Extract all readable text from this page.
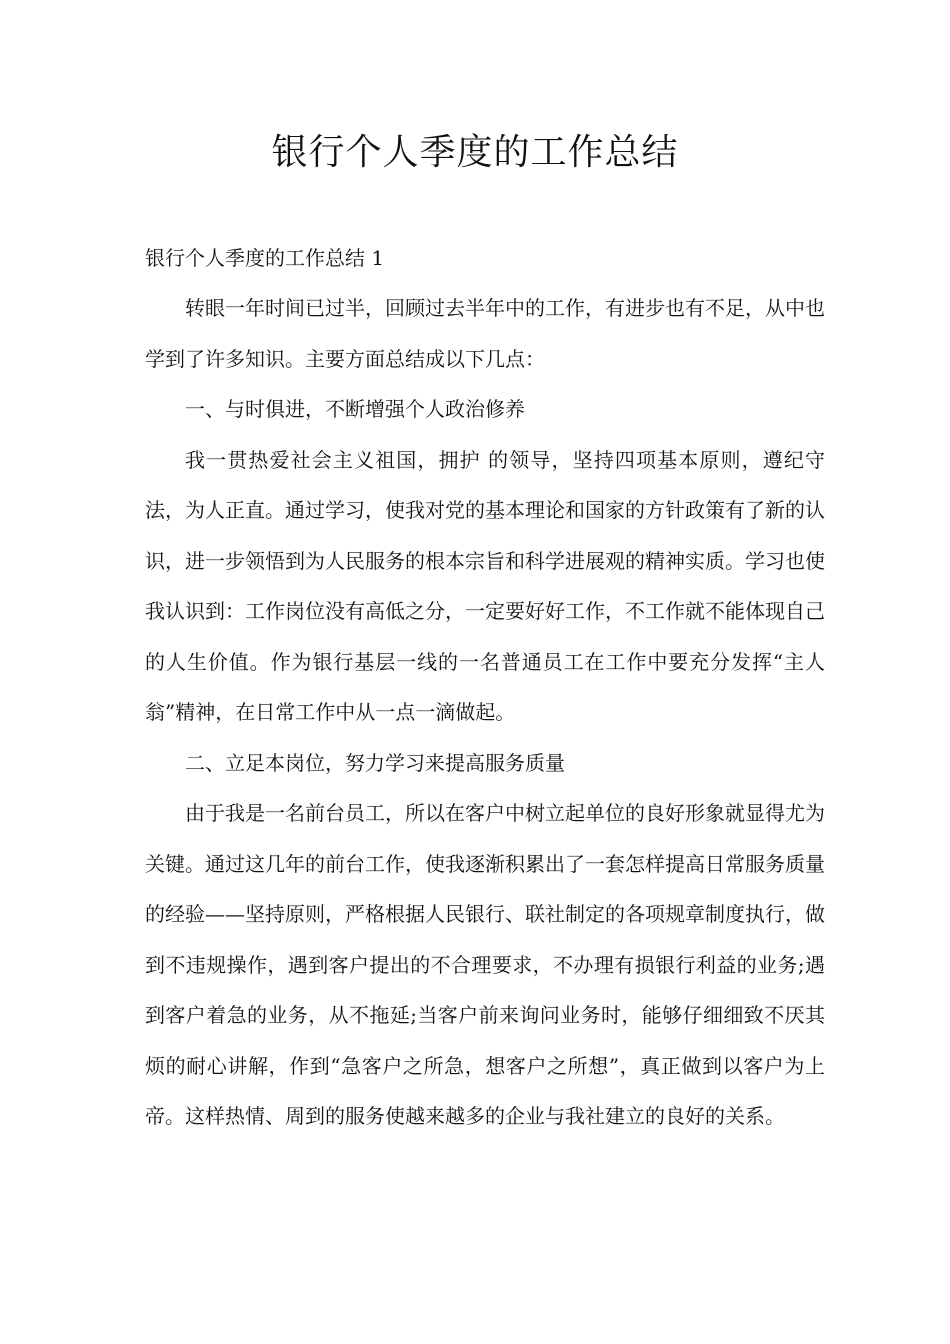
银行个人季度的工作总结

银行个人季度的工作总结 1

转眼一年时间已过半，回顾过去半年中的工作，有进步也有不足，从中也学到了许多知识。主要方面总结成以下几点：

一、与时俱进，不断增强个人政治修养

我一贯热爱社会主义祖国，拥护 的领导，坚持四项基本原则，遵纪守法，为人正直。通过学习，使我对党的基本理论和国家的方针政策有了新的认识，进一步领悟到为人民服务的根本宗旨和科学进展观的精神实质。学习也使我认识到：工作岗位没有高低之分，一定要好好工作，不工作就不能体现自己的人生价值。作为银行基层一线的一名普通员工在工作中要充分发挥“主人翁”精神，在日常工作中从一点一滴做起。

二、立足本岗位，努力学习来提高服务质量

由于我是一名前台员工，所以在客户中树立起单位的良好形象就显得尤为关键。通过这几年的前台工作，使我逐渐积累出了一套怎样提高日常服务质量的经验——坚持原则，严格根据人民银行、联社制定的各项规章制度执行，做到不违规操作，遇到客户提出的不合理要求，不办理有损银行利益的业务;遇到客户着急的业务，从不拖延;当客户前来询问业务时，能够仔细细致不厌其烦的耐心讲解，作到“急客户之所急，想客户之所想”，真正做到以客户为上帝。这样热情、周到的服务使越来越多的企业与我社建立的良好的关系。
